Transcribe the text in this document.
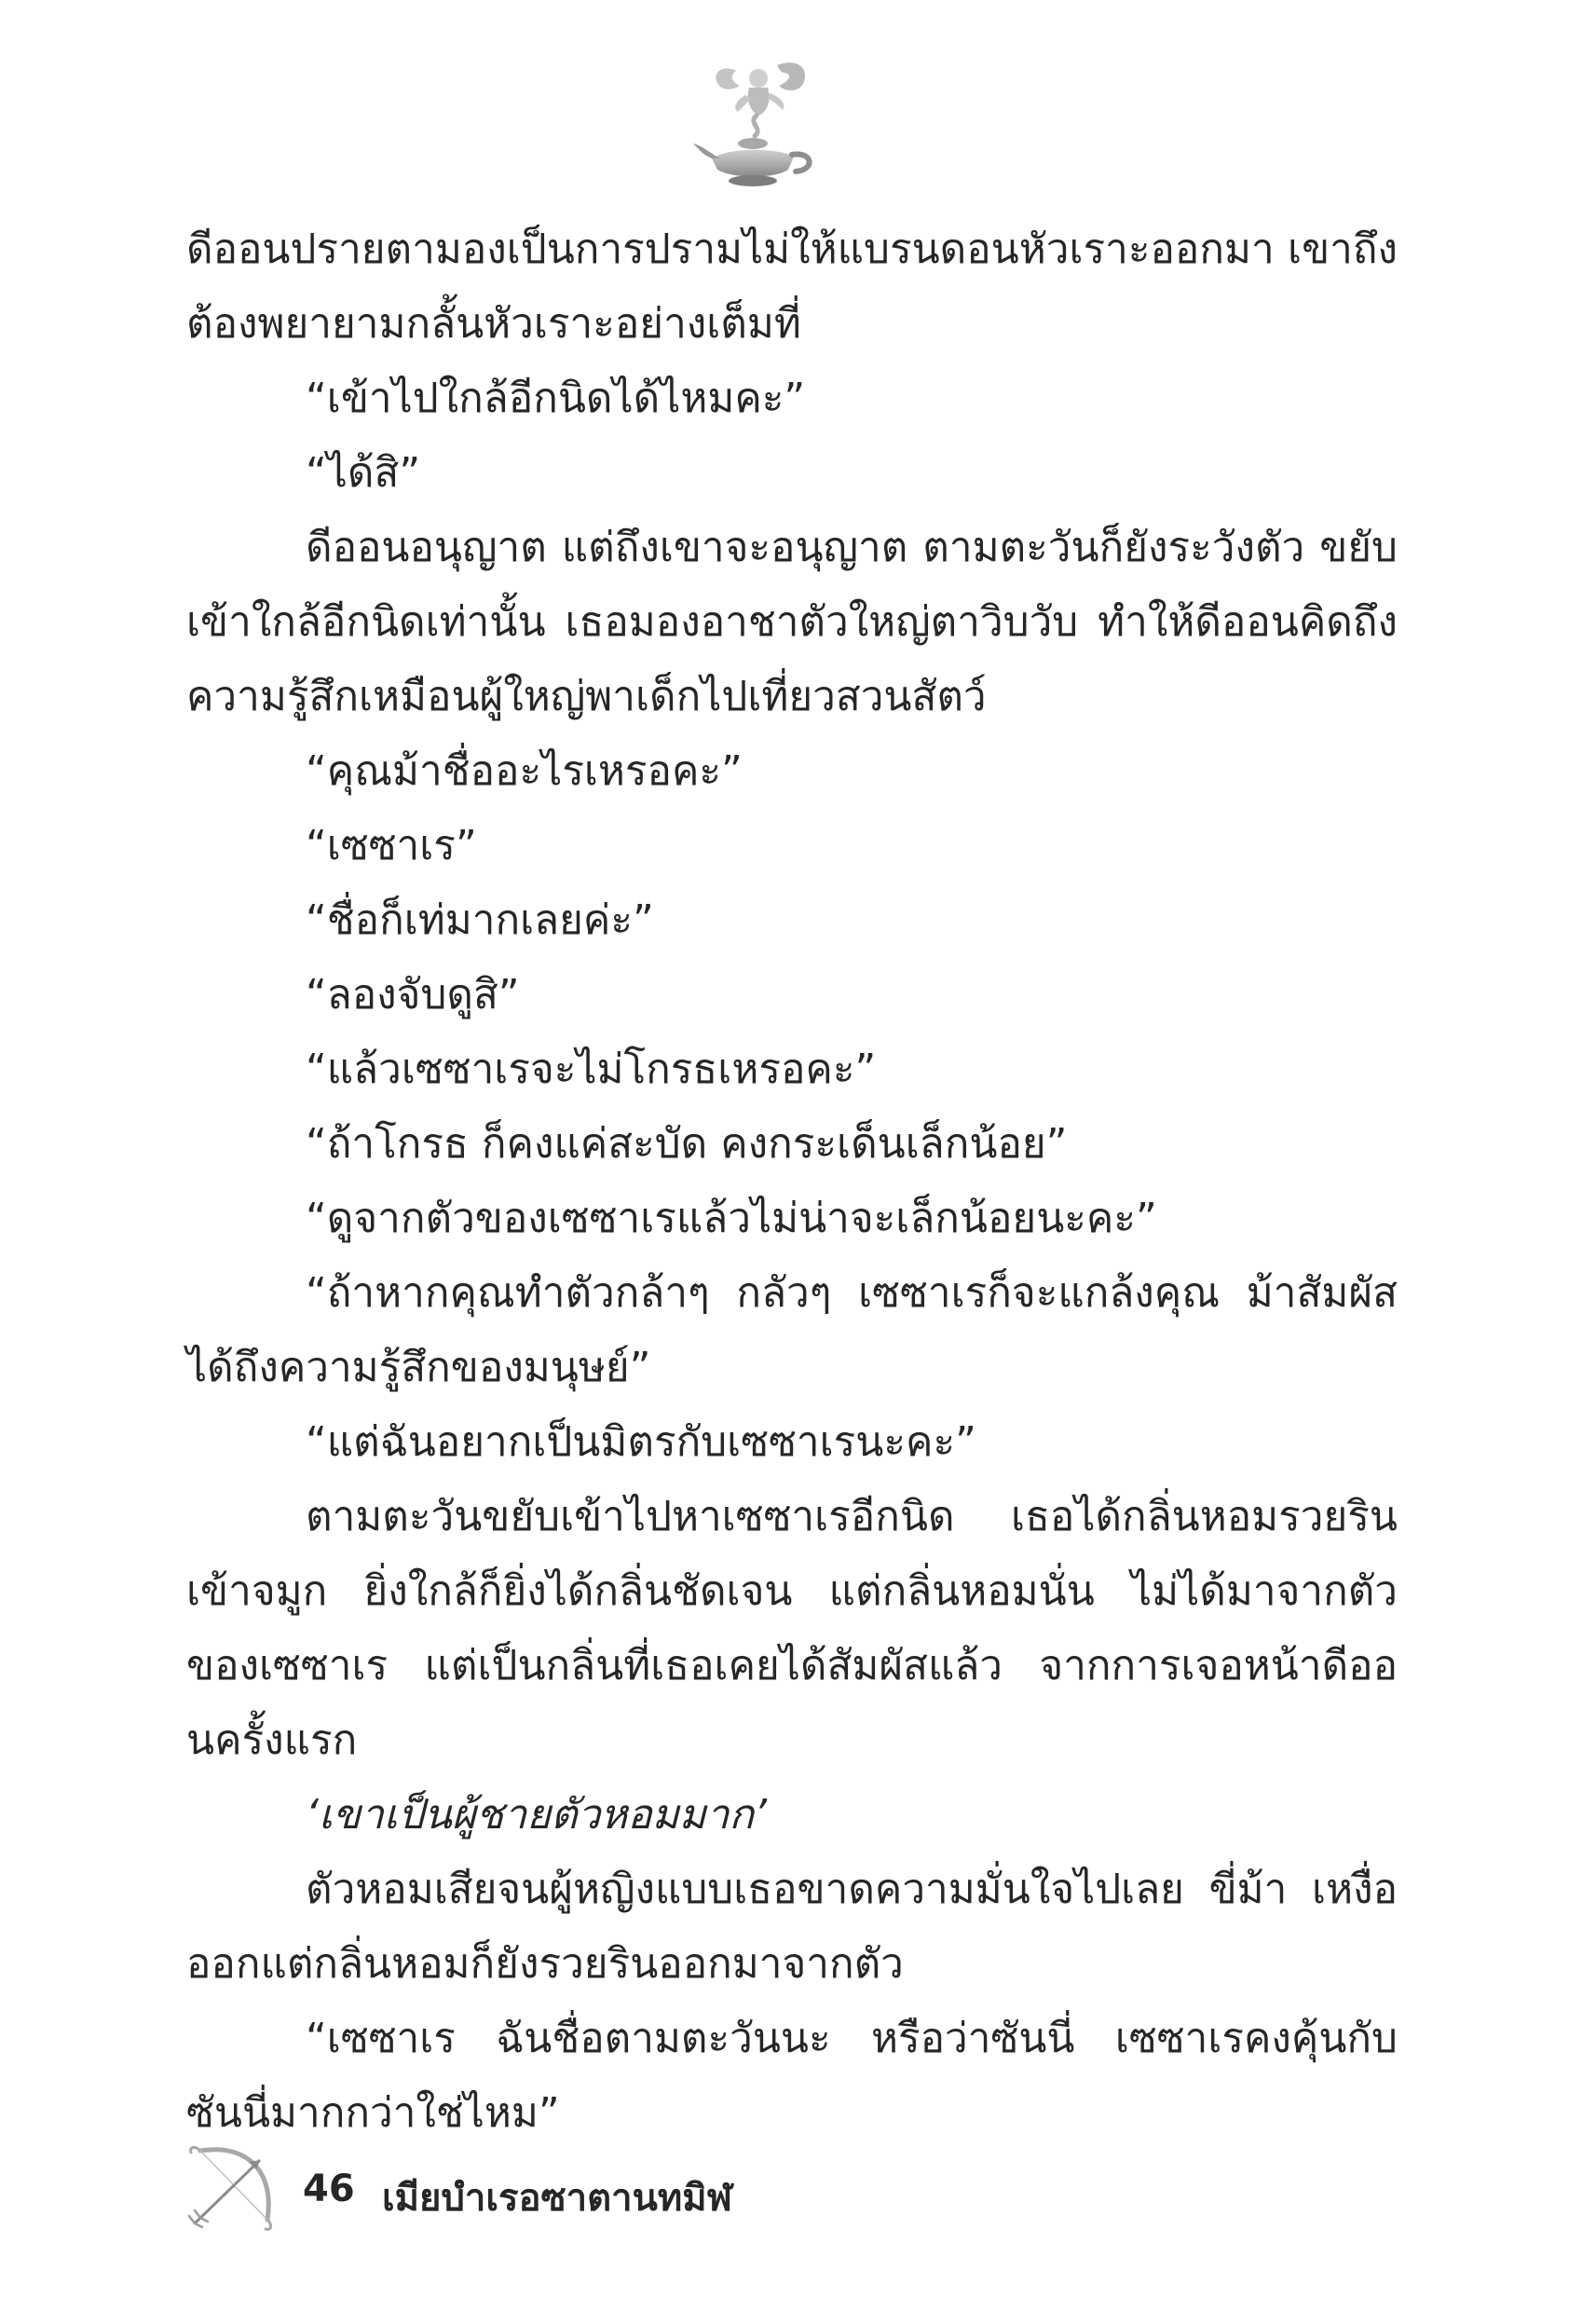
ดีออนปรายตามองเป็นการปรามไม่ให้แบรนดอนหัวเราะออกมา เขาถึงต้องพยายามกลั้นหัวเราะอย่างเต็มที่

“เข้าไปใกล้อีกนิดได้ไหมคะ”

“ได้สิ”

ดีออนอนุญาต แต่ถึงเขาจะอนุญาต ตามตะวันก็ยังระวังตัว ขยับเข้าใกล้อีกนิดเท่านั้น เธอมองอาชาตัวใหญ่ตาวิบวับ ทำให้ดีออนคิดถึงความรู้สึกเหมือนผู้ใหญ่พาเด็กไปเที่ยวสวนสัตว์

“คุณม้าชื่ออะไรเหรอคะ”

“เซซาเร”

“ชื่อก็เท่มากเลยค่ะ”

“ลองจับดูสิ”

“แล้วเซซาเรจะไม่โกรธเหรอคะ”

“ถ้าโกรธ ก็คงแค่สะบัด คงกระเด็นเล็กน้อย”

“ดูจากตัวของเซซาเรแล้วไม่น่าจะเล็กน้อยนะคะ”

“ถ้าหากคุณทำตัวกล้าๆ กลัวๆ เซซาเรก็จะแกล้งคุณ ม้าสัมผัสได้ถึงความรู้สึกของมนุษย์”

“แต่ฉันอยากเป็นมิตรกับเซซาเรนะคะ”

ตามตะวันขยับเข้าไปหาเซซาเรอีกนิด เธอได้กลิ่นหอมรวยรินเข้าจมูก ยิ่งใกล้ก็ยิ่งได้กลิ่นชัดเจน แต่กลิ่นหอมนั่น ไม่ได้มาจากตัวของเซซาเร แต่เป็นกลิ่นที่เธอเคยได้สัมผัสแล้ว จากการเจอหน้าดีออนครั้งแรก

‘เขาเป็นผู้ชายตัวหอมมาก’

ตัวหอมเสียจนผู้หญิงแบบเธอขาดความมั่นใจไปเลย ขี่ม้า เหงื่อออกแต่กลิ่นหอมก็ยังรวยรินออกมาจากตัว

“เซซาเร ฉันชื่อตามตะวันนะ หรือว่าซันนี่ เซซาเรคงคุ้นกับซันนี่มากกว่าใช่ไหม”

46 เมียบำเรอซาตานทมิฬ
